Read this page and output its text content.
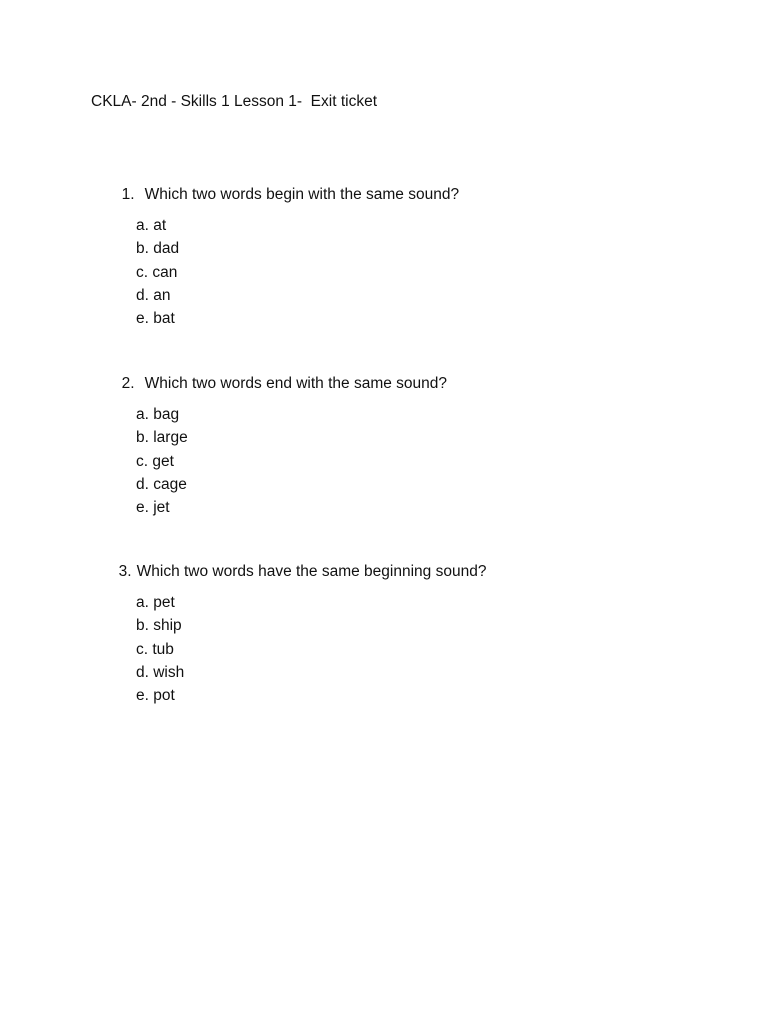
CKLA- 2nd - Skills 1 Lesson 1-  Exit ticket

1. Which two words begin with the same sound?

a. at
b. dad
c. can
d. an
e. bat

2. Which two words end with the same sound?

a. bag
b. large
c. get
d. cage
e. jet

3. Which two words have the same beginning sound?

a. pet
b. ship
c. tub
d. wish
e. pot
